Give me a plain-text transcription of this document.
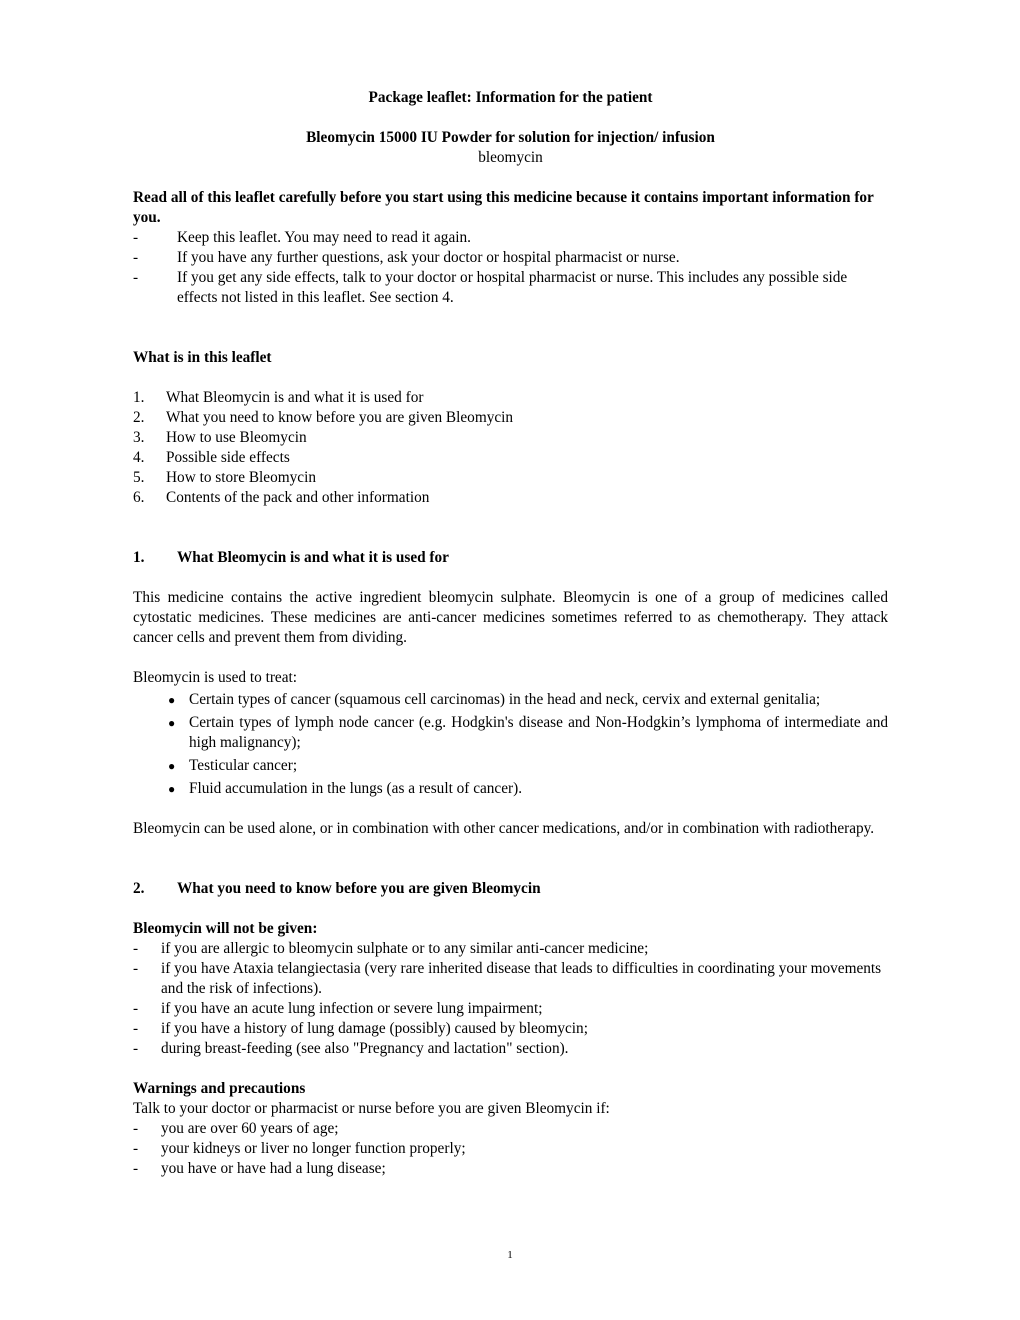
Package leaflet: Information for the patient

Bleomycin 15000 IU Powder for solution for injection/ infusion

bleomycin

Read all of this leaflet carefully before you start using this medicine because it contains important information for you.

-	Keep this leaflet. You may need to read it again.
-	If you have any further questions, ask your doctor or hospital pharmacist or nurse.
-	If you get any side effects, talk to your doctor or hospital pharmacist or nurse. This includes any possible side effects not listed in this leaflet. See section 4.

What is in this leaflet

1. What Bleomycin is and what it is used for
2. What you need to know before you are given Bleomycin
3. How to use Bleomycin
4. Possible side effects
5. How to store Bleomycin
6. Contents of the pack and other information
1. What Bleomycin is and what it is used for

This medicine contains the active ingredient bleomycin sulphate. Bleomycin is one of a group of medicines called cytostatic medicines. These medicines are anti-cancer medicines sometimes referred to as chemotherapy. They attack cancer cells and prevent them from dividing.

Bleomycin is used to treat:

● Certain types of cancer (squamous cell carcinomas) in the head and neck, cervix and external genitalia;
● Certain types of lymph node cancer (e.g. Hodgkin's disease and Non-Hodgkin’s lymphoma of intermediate and high malignancy);
● Testicular cancer;
● Fluid accumulation in the lungs (as a result of cancer).

Bleomycin can be used alone, or in combination with other cancer medications, and/or in combination with radiotherapy.

2. What you need to know before you are given Bleomycin

Bleomycin will not be given:

- if you are allergic to bleomycin sulphate or to any similar anti-cancer medicine;
- if you have Ataxia telangiectasia (very rare inherited disease that leads to difficulties in coordinating your movements and the risk of infections).
- if you have an acute lung infection or severe lung impairment;
- if you have a history of lung damage (possibly) caused by bleomycin;
- during breast-feeding (see also "Pregnancy and lactation" section).

Warnings and precautions

Talk to your doctor or pharmacist or nurse before you are given Bleomycin if:

- you are over 60 years of age;
- your kidneys or liver no longer function properly;
- you have or have had a lung disease;
1
